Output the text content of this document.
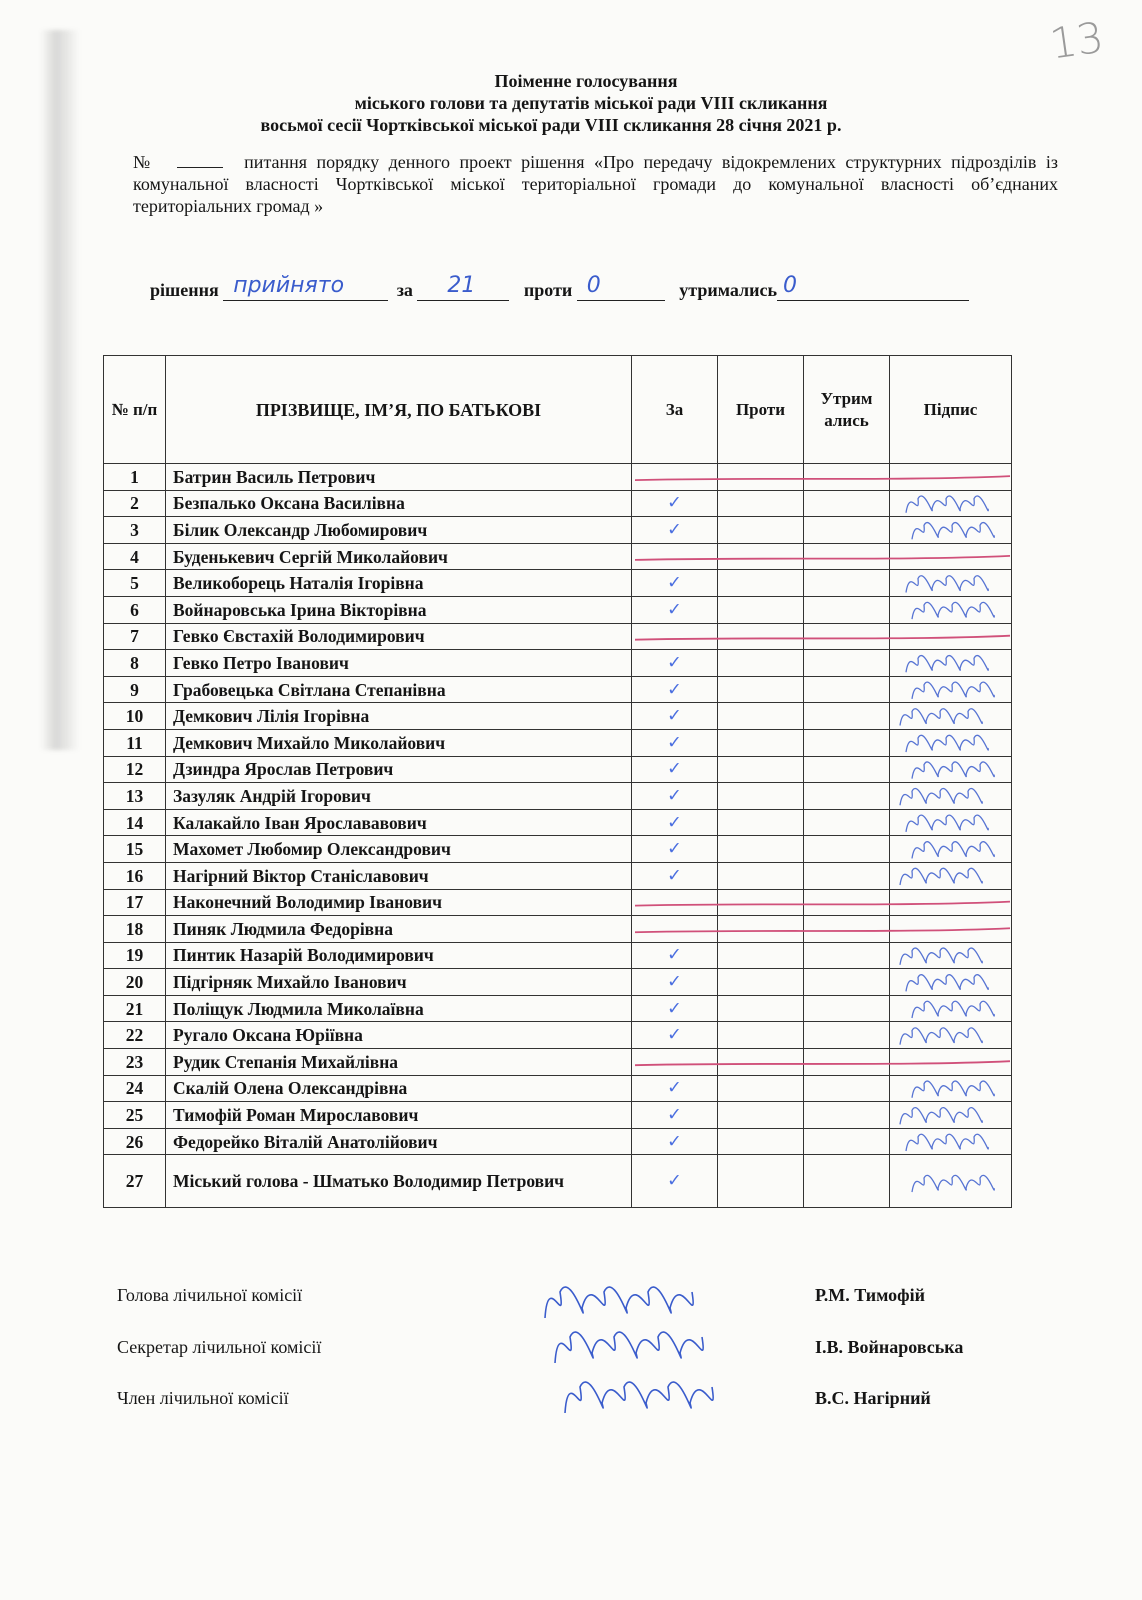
13
Поіменне голосування
міського голови та депутатів міської ради VIII скликання
восьмої сесії Чортківської міської ради VIII скликання 28 січня 2021 р.
№	питання порядку денного проект рішення «Про передачу відокремлених структурних підрозділів із комунальної власності Чортківської міської територіальної громади до комунальної власності об’єднаних територіальних громад »
рішення прийнято	за 21	проти 0	утримались 0
№ п/п	ПРІЗВИЩЕ, ІМ’Я, ПО БАТЬКОВІ	За	Проти	Утримались	Підпис
1	Батрин Василь Петрович				
2	Безпалько Оксана Василівна	✓			
3	Білик Олександр Любомирович	✓			
4	Буденькевич Сергій Миколайович				
5	Великоборець Наталія Ігорівна	✓			
6	Войнаровська Ірина Вікторівна	✓			
7	Гевко Євстахій Володимирович				
8	Гевко Петро Іванович	✓			
9	Грабовецька Світлана Степанівна	✓			
10	Демкович Лілія Ігорівна	✓			
11	Демкович Михайло Миколайович	✓			
12	Дзиндра Ярослав Петрович	✓			
13	Зазуляк Андрій Ігорович	✓			
14	Калакайло Іван Ярослававович	✓			
15	Махомет Любомир Олександрович	✓			
16	Нагірний Віктор Станіславович	✓			
17	Наконечний Володимир Іванович				
18	Пиняк Людмила Федорівна				
19	Пинтик Назарій Володимирович	✓			
20	Підгірняк Михайло Іванович	✓			
21	Поліщук Людмила Миколаївна	✓			
22	Ругало Оксана Юріївна	✓			
23	Рудик Степанія Михайлівна				
24	Скалій Олена Олександрівна	✓			
25	Тимофій Роман Мирославович	✓			
26	Федорейко Віталій Анатолійович	✓			
27	Міський голова - Шматько Володимир Петрович	✓			
Голова лічильної комісії	Р.М. Тимофій
Секретар лічильної комісії	І.В. Войнаровська
Член лічильної комісії	В.С. Нагірний
